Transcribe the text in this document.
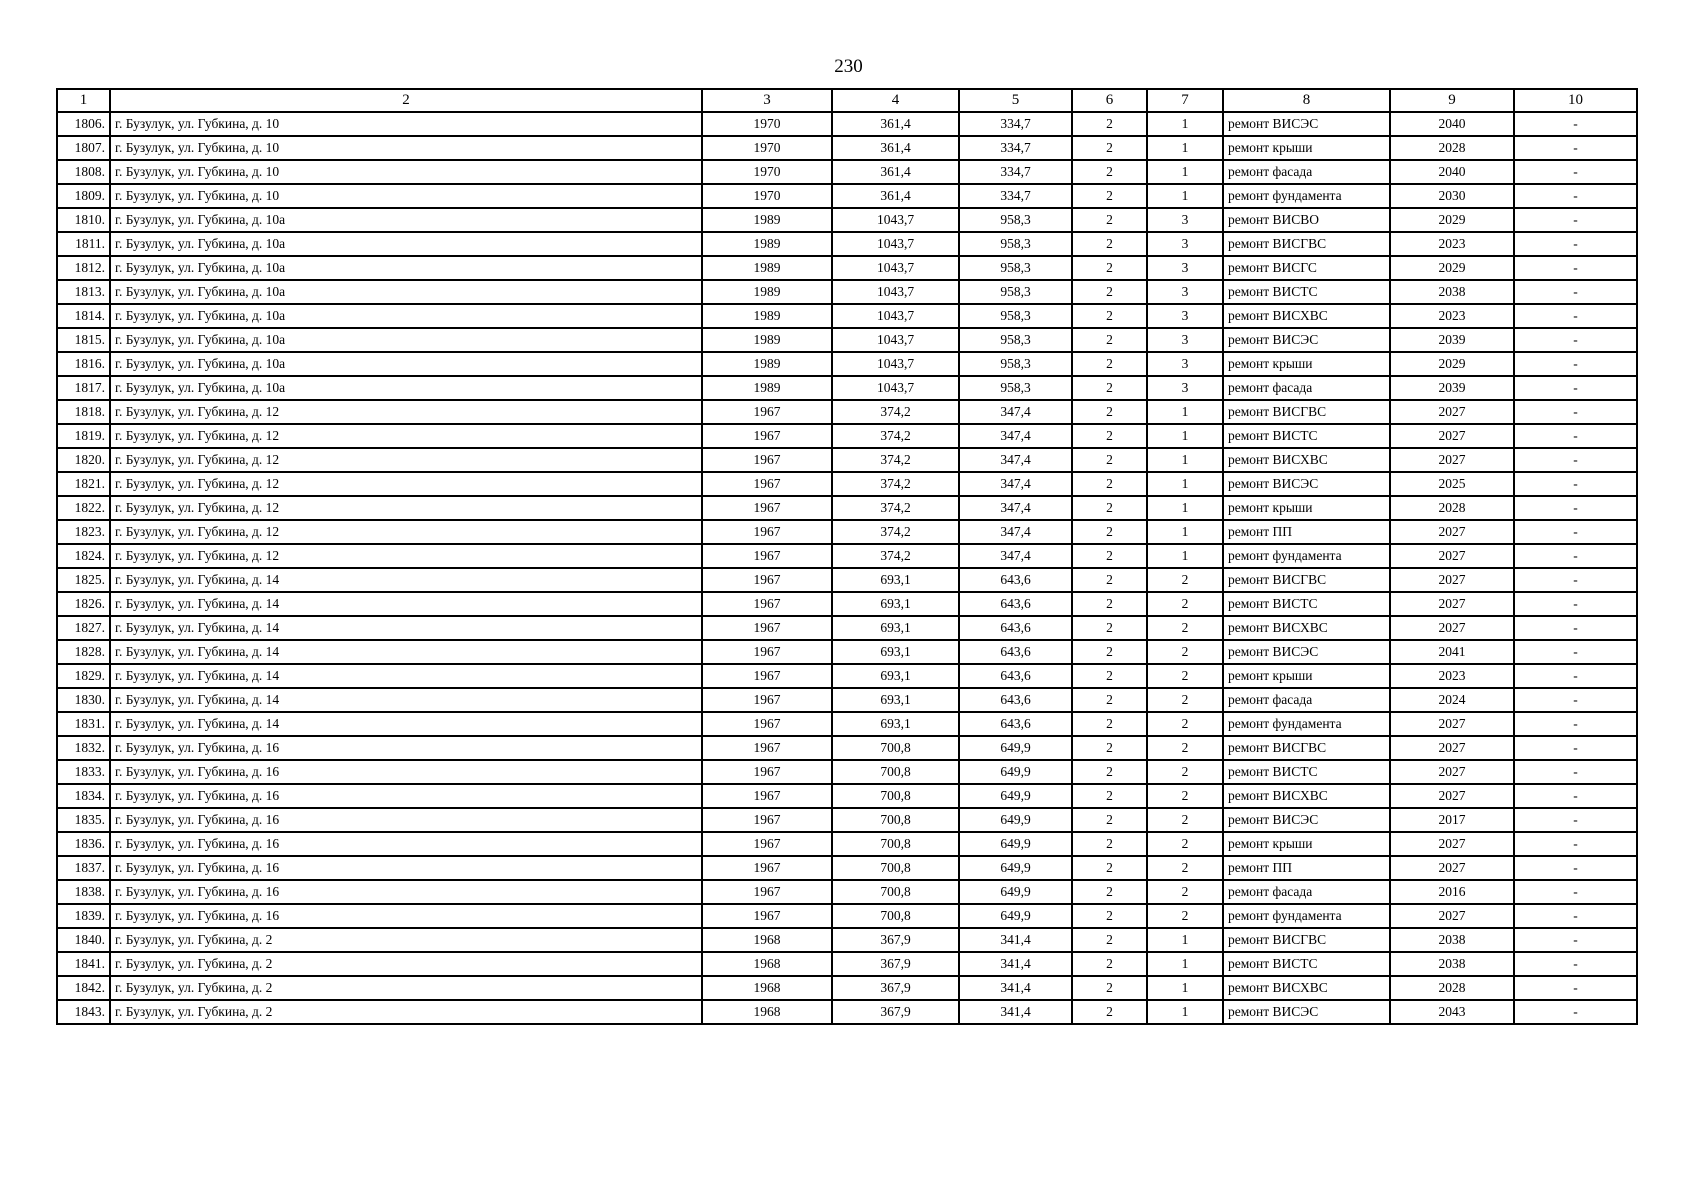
230
1	2	3	4	5	6	7	8	9	10
1806.	г. Бузулук, ул. Губкина, д. 10	1970	361,4	334,7	2	1	ремонт ВИСЭС	2040	-
1807.	г. Бузулук, ул. Губкина, д. 10	1970	361,4	334,7	2	1	ремонт крыши	2028	-
1808.	г. Бузулук, ул. Губкина, д. 10	1970	361,4	334,7	2	1	ремонт фасада	2040	-
1809.	г. Бузулук, ул. Губкина, д. 10	1970	361,4	334,7	2	1	ремонт фундамента	2030	-
1810.	г. Бузулук, ул. Губкина, д. 10а	1989	1043,7	958,3	2	3	ремонт ВИСВО	2029	-
1811.	г. Бузулук, ул. Губкина, д. 10а	1989	1043,7	958,3	2	3	ремонт ВИСГВС	2023	-
1812.	г. Бузулук, ул. Губкина, д. 10а	1989	1043,7	958,3	2	3	ремонт ВИСГС	2029	-
1813.	г. Бузулук, ул. Губкина, д. 10а	1989	1043,7	958,3	2	3	ремонт ВИСТС	2038	-
1814.	г. Бузулук, ул. Губкина, д. 10а	1989	1043,7	958,3	2	3	ремонт ВИСХВС	2023	-
1815.	г. Бузулук, ул. Губкина, д. 10а	1989	1043,7	958,3	2	3	ремонт ВИСЭС	2039	-
1816.	г. Бузулук, ул. Губкина, д. 10а	1989	1043,7	958,3	2	3	ремонт крыши	2029	-
1817.	г. Бузулук, ул. Губкина, д. 10а	1989	1043,7	958,3	2	3	ремонт фасада	2039	-
1818.	г. Бузулук, ул. Губкина, д. 12	1967	374,2	347,4	2	1	ремонт ВИСГВС	2027	-
1819.	г. Бузулук, ул. Губкина, д. 12	1967	374,2	347,4	2	1	ремонт ВИСТС	2027	-
1820.	г. Бузулук, ул. Губкина, д. 12	1967	374,2	347,4	2	1	ремонт ВИСХВС	2027	-
1821.	г. Бузулук, ул. Губкина, д. 12	1967	374,2	347,4	2	1	ремонт ВИСЭС	2025	-
1822.	г. Бузулук, ул. Губкина, д. 12	1967	374,2	347,4	2	1	ремонт крыши	2028	-
1823.	г. Бузулук, ул. Губкина, д. 12	1967	374,2	347,4	2	1	ремонт ПП	2027	-
1824.	г. Бузулук, ул. Губкина, д. 12	1967	374,2	347,4	2	1	ремонт фундамента	2027	-
1825.	г. Бузулук, ул. Губкина, д. 14	1967	693,1	643,6	2	2	ремонт ВИСГВС	2027	-
1826.	г. Бузулук, ул. Губкина, д. 14	1967	693,1	643,6	2	2	ремонт ВИСТС	2027	-
1827.	г. Бузулук, ул. Губкина, д. 14	1967	693,1	643,6	2	2	ремонт ВИСХВС	2027	-
1828.	г. Бузулук, ул. Губкина, д. 14	1967	693,1	643,6	2	2	ремонт ВИСЭС	2041	-
1829.	г. Бузулук, ул. Губкина, д. 14	1967	693,1	643,6	2	2	ремонт крыши	2023	-
1830.	г. Бузулук, ул. Губкина, д. 14	1967	693,1	643,6	2	2	ремонт фасада	2024	-
1831.	г. Бузулук, ул. Губкина, д. 14	1967	693,1	643,6	2	2	ремонт фундамента	2027	-
1832.	г. Бузулук, ул. Губкина, д. 16	1967	700,8	649,9	2	2	ремонт ВИСГВС	2027	-
1833.	г. Бузулук, ул. Губкина, д. 16	1967	700,8	649,9	2	2	ремонт ВИСТС	2027	-
1834.	г. Бузулук, ул. Губкина, д. 16	1967	700,8	649,9	2	2	ремонт ВИСХВС	2027	-
1835.	г. Бузулук, ул. Губкина, д. 16	1967	700,8	649,9	2	2	ремонт ВИСЭС	2017	-
1836.	г. Бузулук, ул. Губкина, д. 16	1967	700,8	649,9	2	2	ремонт крыши	2027	-
1837.	г. Бузулук, ул. Губкина, д. 16	1967	700,8	649,9	2	2	ремонт ПП	2027	-
1838.	г. Бузулук, ул. Губкина, д. 16	1967	700,8	649,9	2	2	ремонт фасада	2016	-
1839.	г. Бузулук, ул. Губкина, д. 16	1967	700,8	649,9	2	2	ремонт фундамента	2027	-
1840.	г. Бузулук, ул. Губкина, д. 2	1968	367,9	341,4	2	1	ремонт ВИСГВС	2038	-
1841.	г. Бузулук, ул. Губкина, д. 2	1968	367,9	341,4	2	1	ремонт ВИСТС	2038	-
1842.	г. Бузулук, ул. Губкина, д. 2	1968	367,9	341,4	2	1	ремонт ВИСХВС	2028	-
1843.	г. Бузулук, ул. Губкина, д. 2	1968	367,9	341,4	2	1	ремонт ВИСЭС	2043	-
